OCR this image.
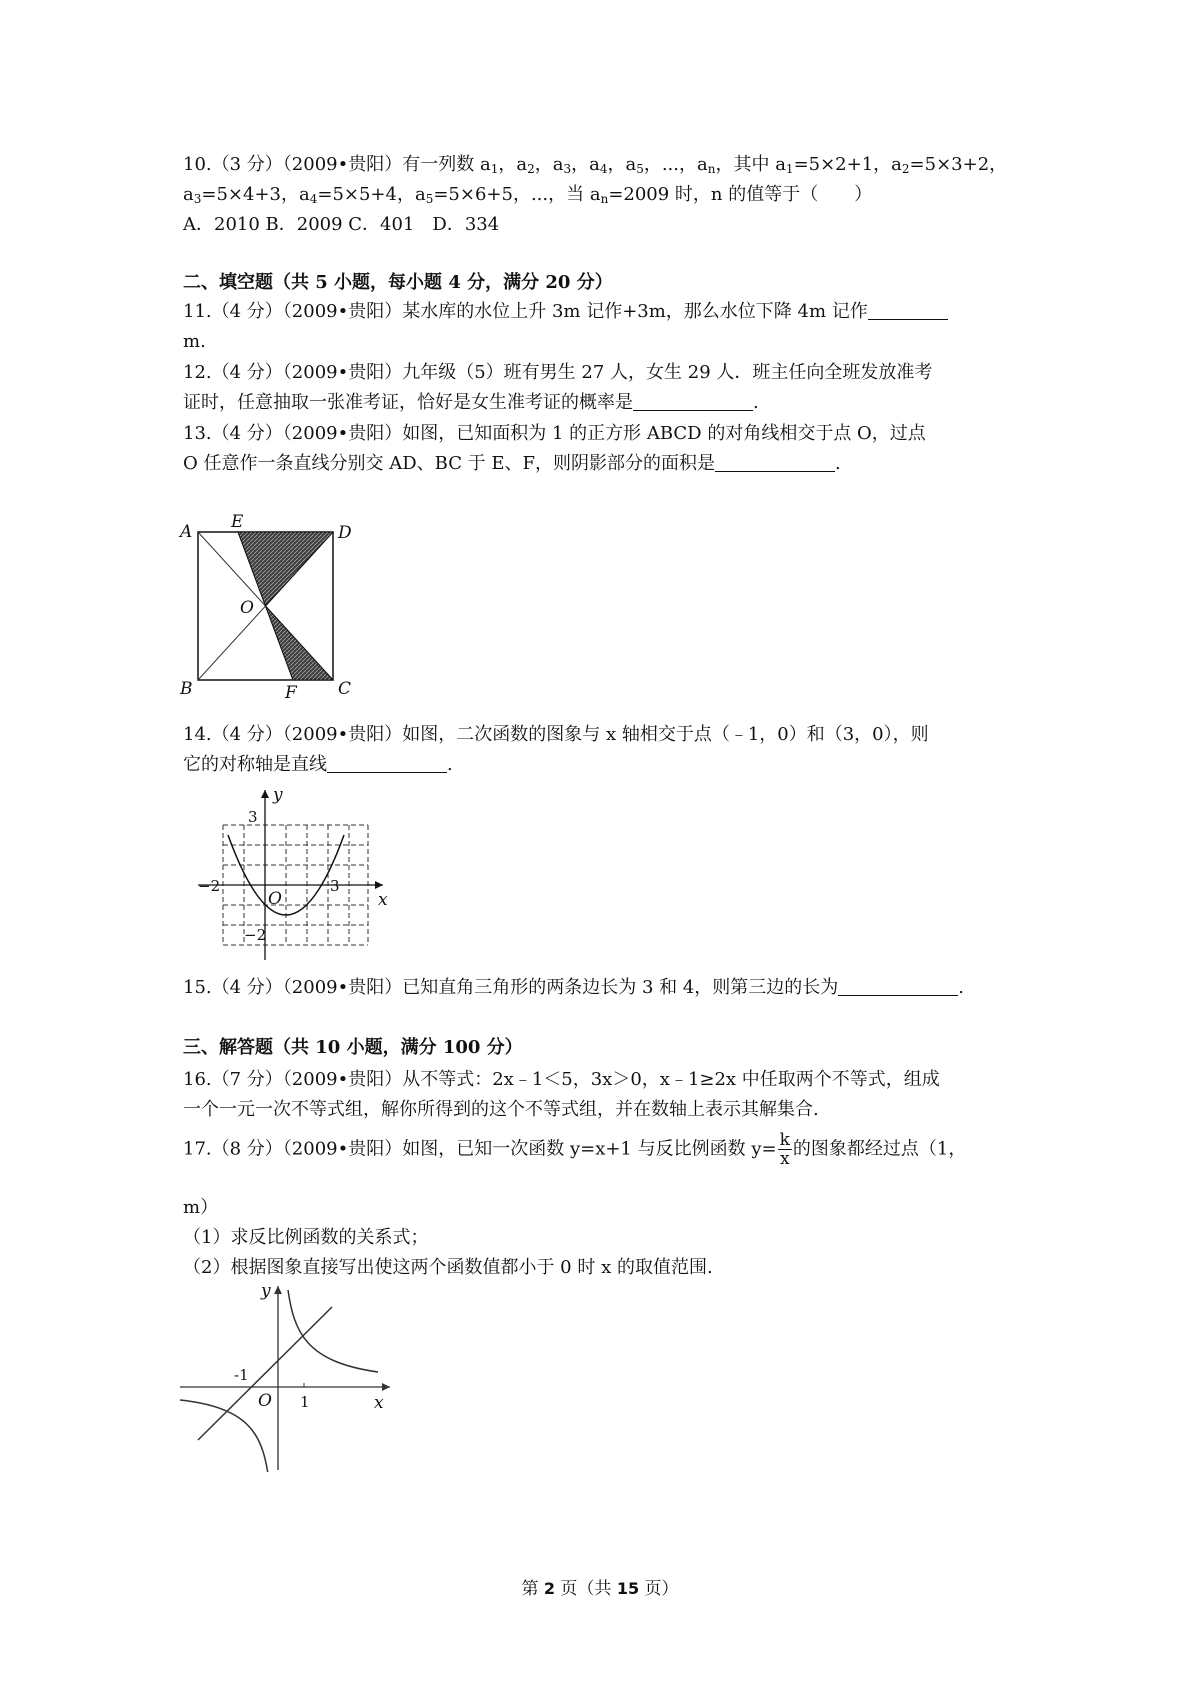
10.（3 分）（2009•贵阳）有一列数 $a_1$，$a_2$，$a_3$，$a_4$，$a_5$，...，$a_n$，其中 $a_1=5\times 2+1$，$a_2=5\times 3+2$，
$a_3=5\times 4+3$，$a_4=5\times 5+4$，$a_5=5\times 6+5$，...，当 $a_n=2009$ 时，n 的值等于（　　）
A．2010 B．2009 C．401　D．334
二、填空题（共 5 小题，每小题 4 分，满分 20 分）
11.（4 分）（2009•贵阳）某水库的水位上升 3m 记作+3m，那么水位下降 4m 记作
m.
12.（4 分）（2009•贵阳）九年级（5）班有男生 27 人，女生 29 人．班主任向全班发放准考
证时，任意抽取一张准考证，恰好是女生准考证的概率是	.
13.（4 分）（2009•贵阳）如图，已知面积为 1 的正方形 ABCD 的对角线相交于点 O，过点
O 任意作一条直线分别交 AD、BC 于 E、F，则阴影部分的面积是	.
A	D
B	C
E
F
O
14.（4 分）（2009•贵阳）如图，二次函数的图象与 x 轴相交于点（﹣1，0）和（3，0），则
它的对称轴是直线	.
y
x
3
−2
O
3
−2
15.（4 分）（2009•贵阳）已知直角三角形的两条边长为 3 和 4，则第三边的长为	.
三、解答题（共 10 小题，满分 100 分）
16.（7 分）（2009•贵阳）从不等式：2x﹣1＜5，3x＞0，x﹣1≥2x 中任取两个不等式，组成
一个一元一次不等式组，解你所得到的这个不等式组，并在数轴上表示其解集合.
17.（8 分）（2009•贵阳）如图，已知一次函数 y=x+1 与反比例函数 $y= \frac{k}{x}$ 的图象都经过点（1，
m）
（1）求反比例函数的关系式；
（2）根据图象直接写出使这两个函数值都小于 0 时 x 的取值范围.
y
x
O
-1
1
第 2 页（共 15 页）
